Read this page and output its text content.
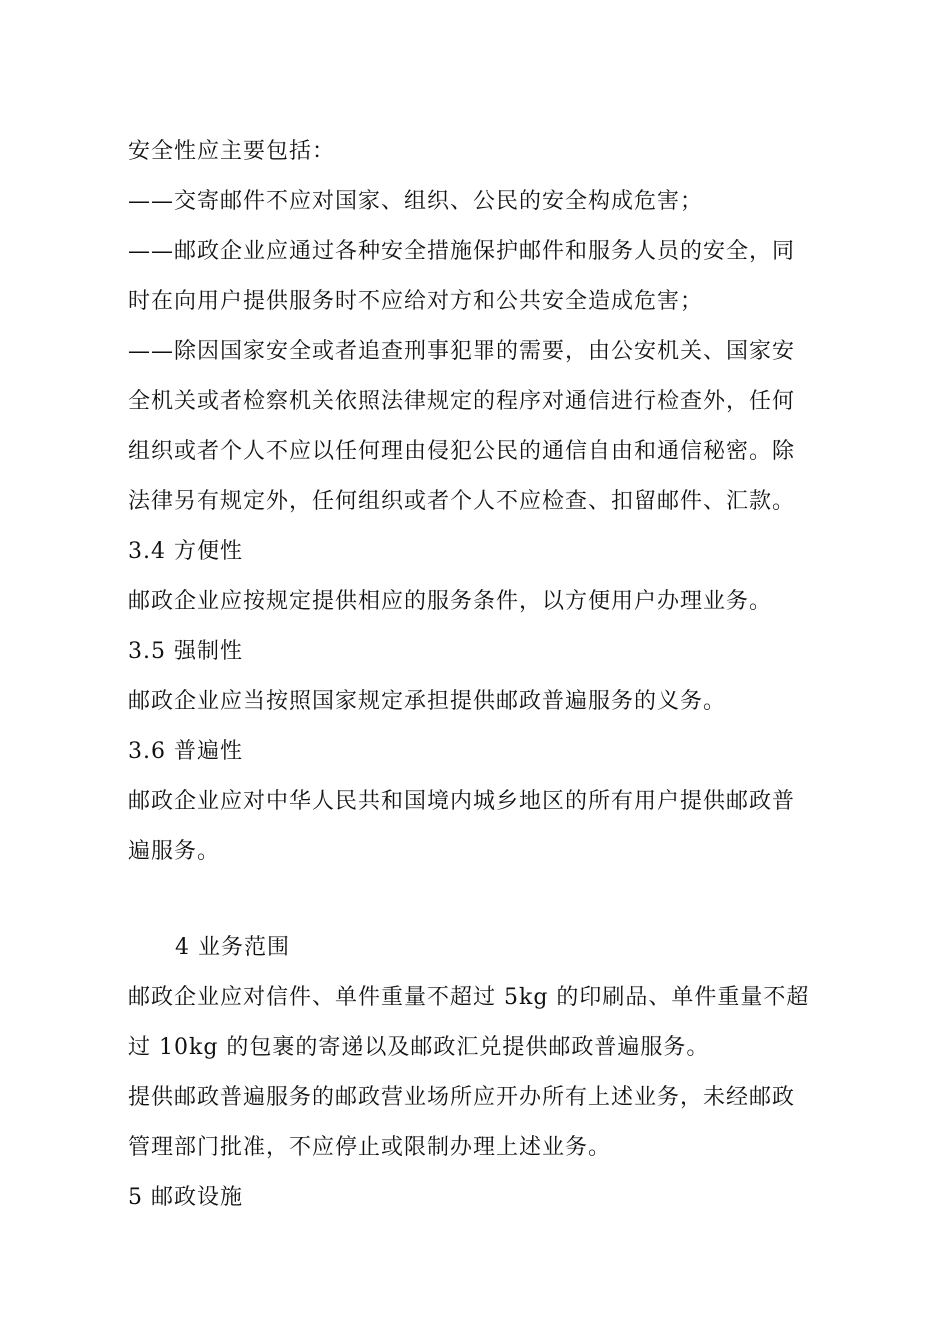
安全性应主要包括：
——交寄邮件不应对国家、组织、公民的安全构成危害；
——邮政企业应通过各种安全措施保护邮件和服务人员的安全，同
时在向用户提供服务时不应给对方和公共安全造成危害；
——除因国家安全或者追查刑事犯罪的需要，由公安机关、国家安
全机关或者检察机关依照法律规定的程序对通信进行检查外，任何
组织或者个人不应以任何理由侵犯公民的通信自由和通信秘密。除
法律另有规定外，任何组织或者个人不应检查、扣留邮件、汇款。
3.4 方便性
邮政企业应按规定提供相应的服务条件，以方便用户办理业务。
3.5 强制性
邮政企业应当按照国家规定承担提供邮政普遍服务的义务。
3.6 普遍性
邮政企业应对中华人民共和国境内城乡地区的所有用户提供邮政普
遍服务。
4 业务范围
邮政企业应对信件、单件重量不超过 5kg 的印刷品、单件重量不超
过 10kg 的包裹的寄递以及邮政汇兑提供邮政普遍服务。
提供邮政普遍服务的邮政营业场所应开办所有上述业务，未经邮政
管理部门批准，不应停止或限制办理上述业务。
5 邮政设施
